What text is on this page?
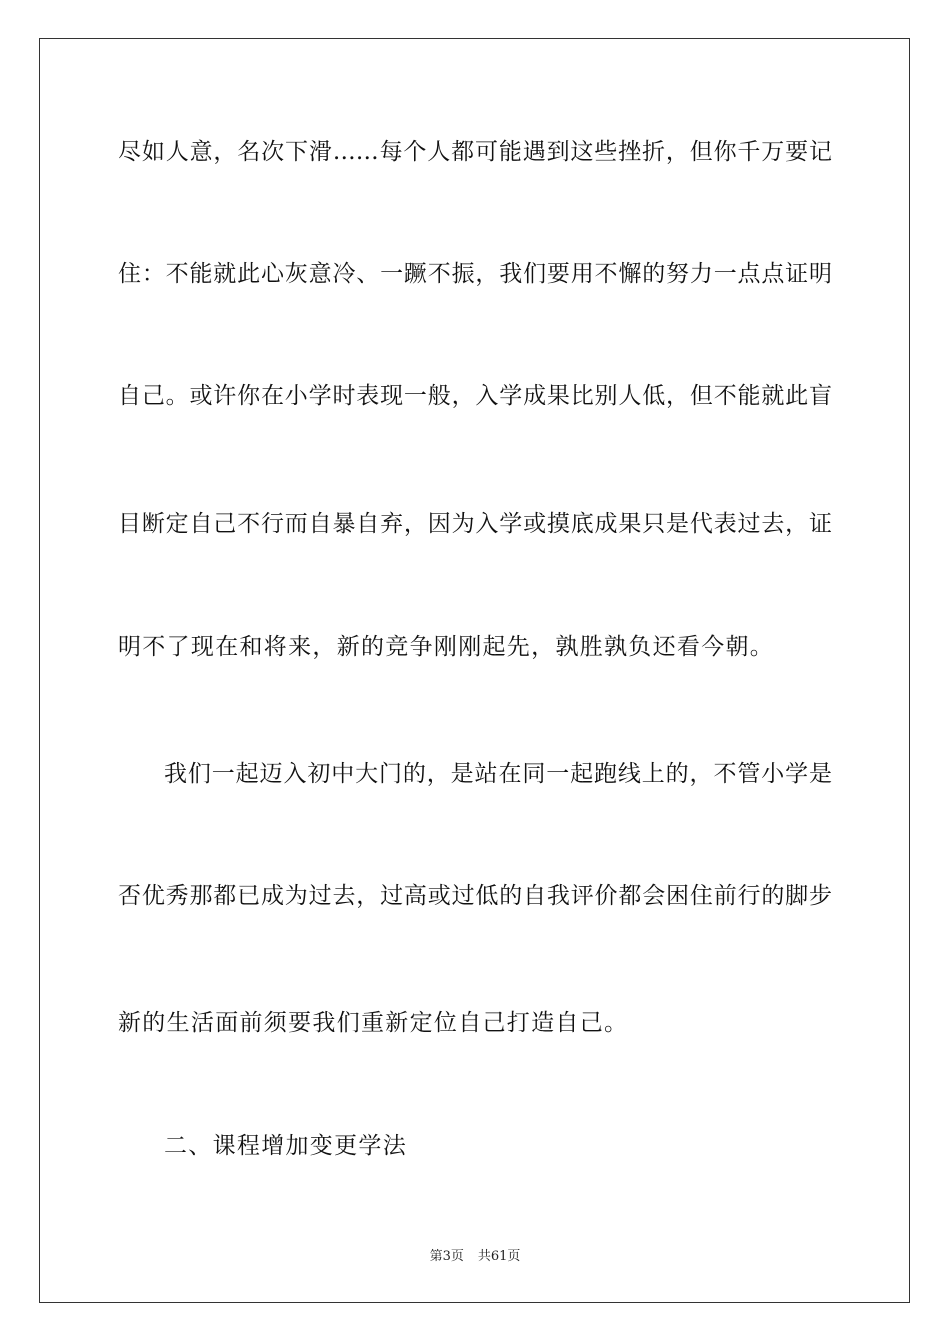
尽如人意，名次下滑……每个人都可能遇到这些挫折，但你千万要记
住：不能就此心灰意冷、一蹶不振，我们要用不懈的努力一点点证明
自己。或许你在小学时表现一般，入学成果比别人低，但不能就此盲
目断定自己不行而自暴自弃，因为入学或摸底成果只是代表过去，证
明不了现在和将来，新的竞争刚刚起先，孰胜孰负还看今朝。
我们一起迈入初中大门的，是站在同一起跑线上的，不管小学是
否优秀那都已成为过去，过高或过低的自我评价都会困住前行的脚步
新的生活面前须要我们重新定位自己打造自己。
二、课程增加变更学法
第3页 共61页
